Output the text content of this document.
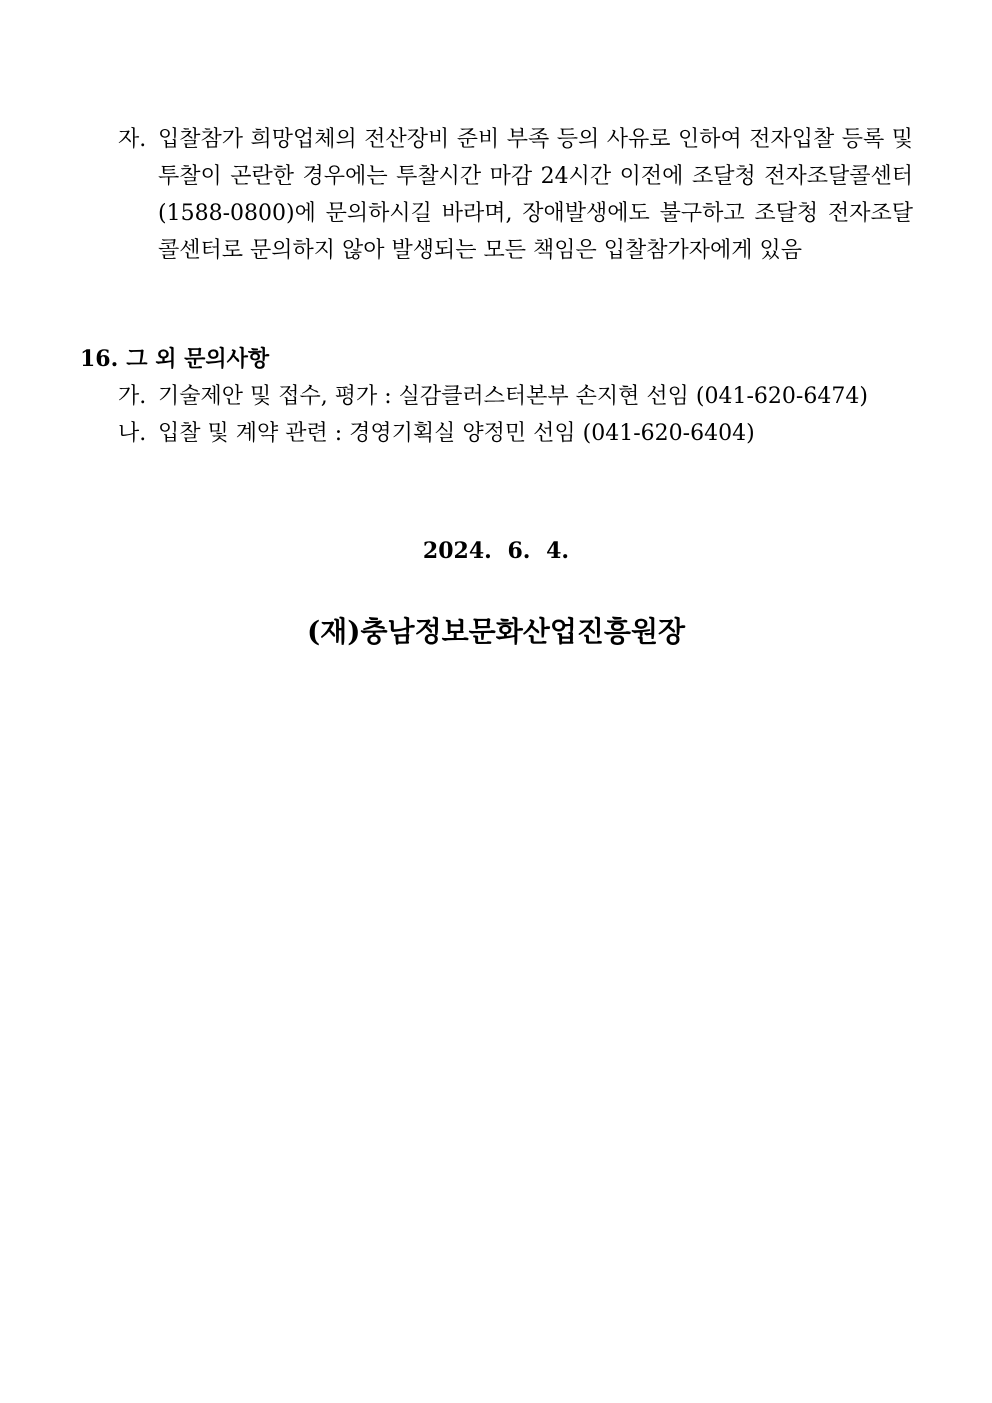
자. 입찰참가 희망업체의 전산장비 준비 부족 등의 사유로 인하여 전자입찰 등록 및 투찰이 곤란한 경우에는 투찰시간 마감 24시간 이전에 조달청 전자조달콜센터(1588-0800)에 문의하시길 바라며, 장애발생에도 불구하고 조달청 전자조달콜센터로 문의하지 않아 발생되는 모든 책임은 입찰참가자에게 있음
16. 그 외 문의사항
가. 기술제안 및 접수, 평가 : 실감클러스터본부 손지현 선임 (041-620-6474)
나. 입찰 및 계약 관련 : 경영기획실 양정민 선임 (041-620-6404)
2024. 6. 4.
(재)충남정보문화산업진흥원장
